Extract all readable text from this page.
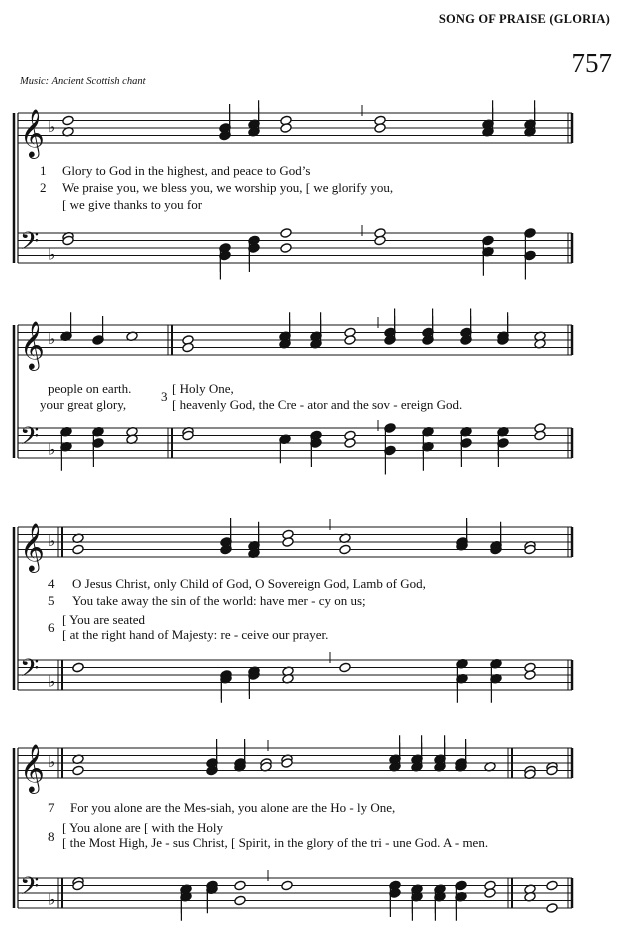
SONG OF PRAISE (GLORIA)
757
Music: Ancient Scottish chant
𝄞 ♭
𝄢 ♭
𝄞 ♭
𝄢 ♭
𝄞 ♭
𝄢 ♭
𝄞 ♭
𝄢 ♭
1 Glory to God in the highest, and peace to God’s
2 We praise you, we bless you, we worship you, [ we glorify you,
[ we give thanks to you for
people on earth.
your great glory,
3
[ Holy One,
[ heavenly God, the Cre - ator and the sov - ereign God.
4 O Jesus Christ, only Child of God, O Sovereign God, Lamb of God,
5 You take away the sin of the world: have mer - cy on us;
6
[ You are seated
[ at the right hand of Majesty: re - ceive our prayer.
7 For you alone are the Mes-siah, you alone are the Ho - ly One,
8
[ You alone are [ with the Holy
[ the Most High, Je - sus Christ, [ Spirit, in the glory of the tri - une God. A - men.
